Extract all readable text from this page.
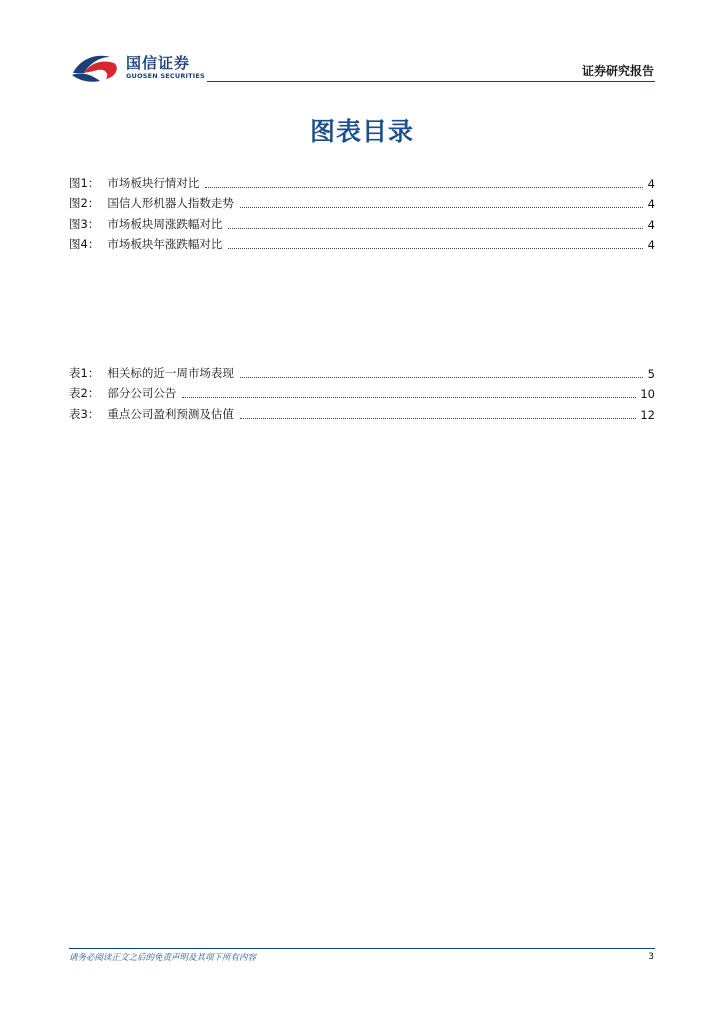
国信证券
GUOSEN SECURITIES	证券研究报告
图表目录
图1： 市场板块行情对比	4
图2： 国信人形机器人指数走势	4
图3： 市场板块周涨跌幅对比	4
图4： 市场板块年涨跌幅对比	4
表1： 相关标的近一周市场表现	5
表2： 部分公司公告	10
表3： 重点公司盈利预测及估值	12
请务必阅读正文之后的免责声明及其项下所有内容	3
